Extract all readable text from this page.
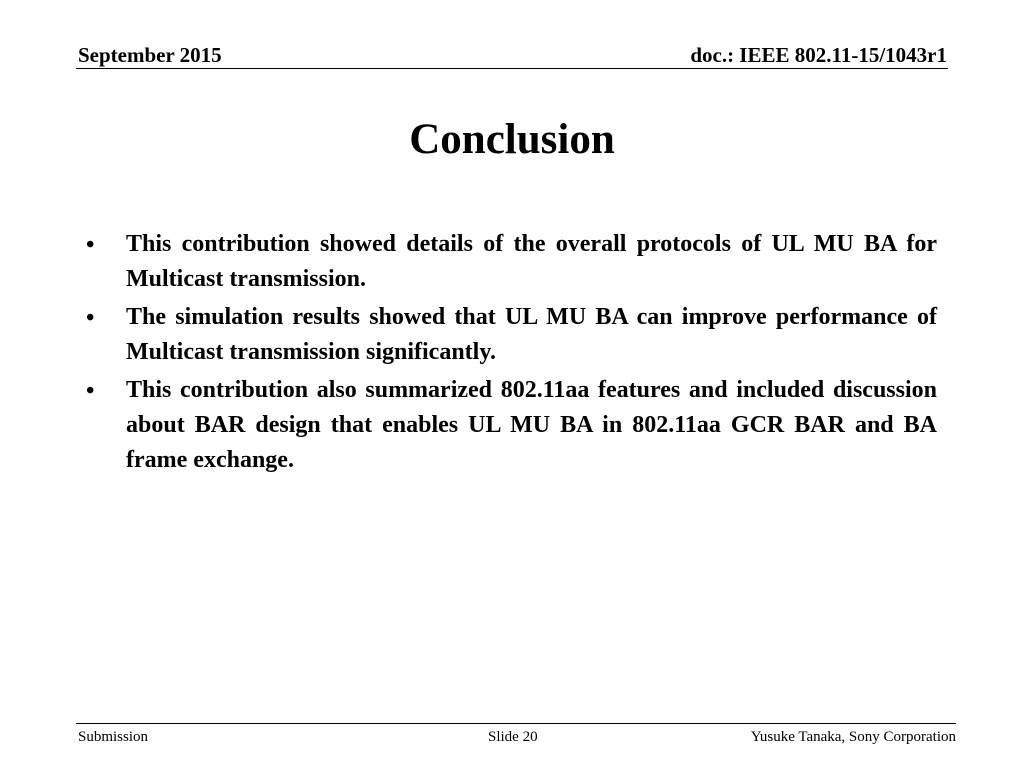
September 2015	doc.: IEEE 802.11-15/1043r1
Conclusion
•	This contribution showed details of the overall protocols of UL MU BA for Multicast transmission.
•	The simulation results showed that UL MU BA can improve performance of Multicast transmission significantly.
•	This contribution also summarized 802.11aa features and included discussion about BAR design that enables UL MU BA in 802.11aa GCR BAR and BA frame exchange.
Submission	Slide 20	Yusuke Tanaka, Sony Corporation
